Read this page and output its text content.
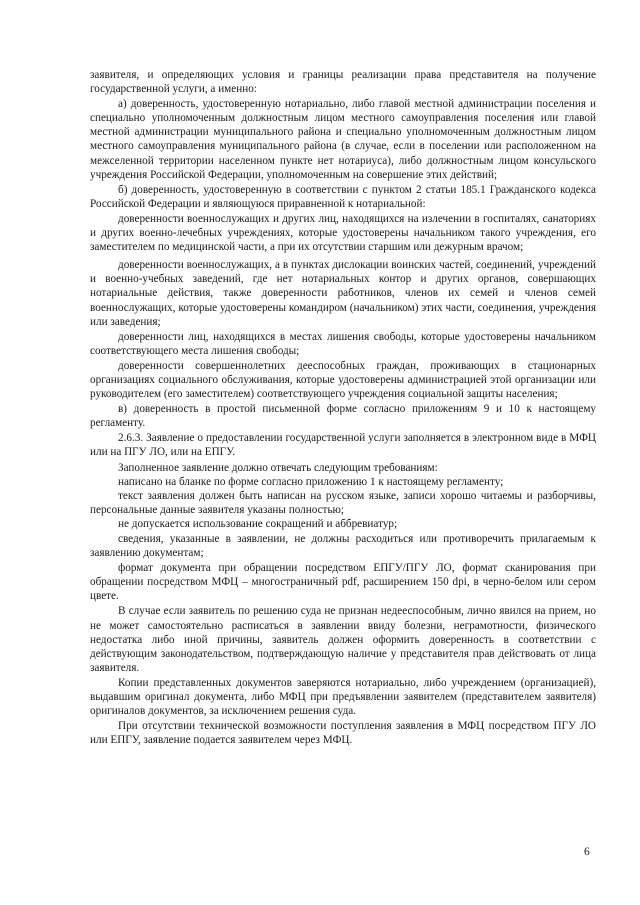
заявителя, и определяющих условия и границы реализации права представителя на получение государственной услуги, а именно:

а) доверенность, удостоверенную нотариально, либо главой местной администрации поселения и специально уполномоченным должностным лицом местного самоуправления поселения или главой местной администрации муниципального района и специально уполномоченным должностным лицом местного самоуправления муниципального района (в случае, если в поселении или расположенном на межселенной территории населенном пункте нет нотариуса), либо должностным лицом консульского учреждения Российской Федерации, уполномоченным на совершение этих действий;

б) доверенность, удостоверенную в соответствии с пунктом 2 статьи 185.1 Гражданского кодекса Российской Федерации и являющуюся приравненной к нотариальной:

доверенности военнослужащих и других лиц, находящихся на излечении в госпиталях, санаториях и других военно-лечебных учреждениях, которые удостоверены начальником такого учреждения, его заместителем по медицинской части, а при их отсутствии старшим или дежурным врачом;

доверенности военнослужащих, а в пунктах дислокации воинских частей, соединений, учреждений и военно-учебных заведений, где нет нотариальных контор и других органов, совершающих нотариальные действия, также доверенности работников, членов их семей и членов семей военнослужащих, которые удостоверены командиром (начальником) этих части, соединения, учреждения или заведения;

доверенности лиц, находящихся в местах лишения свободы, которые удостоверены начальником соответствующего места лишения свободы;

доверенности совершеннолетних дееспособных граждан, проживающих в стационарных организациях социального обслуживания, которые удостоверены администрацией этой организации или руководителем (его заместителем) соответствующего учреждения социальной защиты населения;

в) доверенность в простой письменной форме согласно приложениям 9 и 10 к настоящему регламенту.

2.6.3. Заявление о предоставлении государственной услуги заполняется в электронном виде в МФЦ или на ПГУ ЛО, или на ЕПГУ.

Заполненное заявление должно отвечать следующим требованиям:

написано на бланке по форме согласно приложению 1 к настоящему регламенту;

текст заявления должен быть написан на русском языке, записи хорошо читаемы и разборчивы, персональные данные заявителя указаны полностью;

не допускается использование сокращений и аббревиатур;

сведения, указанные в заявлении, не должны расходиться или противоречить прилагаемым к заявлению документам;

формат документа при обращении посредством ЕПГУ/ПГУ ЛО, формат сканирования при обращении посредством МФЦ – многостраничный pdf, расширением 150 dpi, в черно-белом или сером цвете.

В случае если заявитель по решению суда не признан недееспособным, лично явился на прием, но не может самостоятельно расписаться в заявлении ввиду болезни, неграмотности, физического недостатка либо иной причины, заявитель должен оформить доверенность в соответствии с действующим законодательством, подтверждающую наличие у представителя прав действовать от лица заявителя.

Копии представленных документов заверяются нотариально, либо учреждением (организацией), выдавшим оригинал документа, либо МФЦ при предъявлении заявителем (представителем заявителя) оригиналов документов, за исключением решения суда.

При отсутствии технической возможности поступления заявления в МФЦ посредством ПГУ ЛО или ЕПГУ, заявление подается заявителем через МФЦ.

6
